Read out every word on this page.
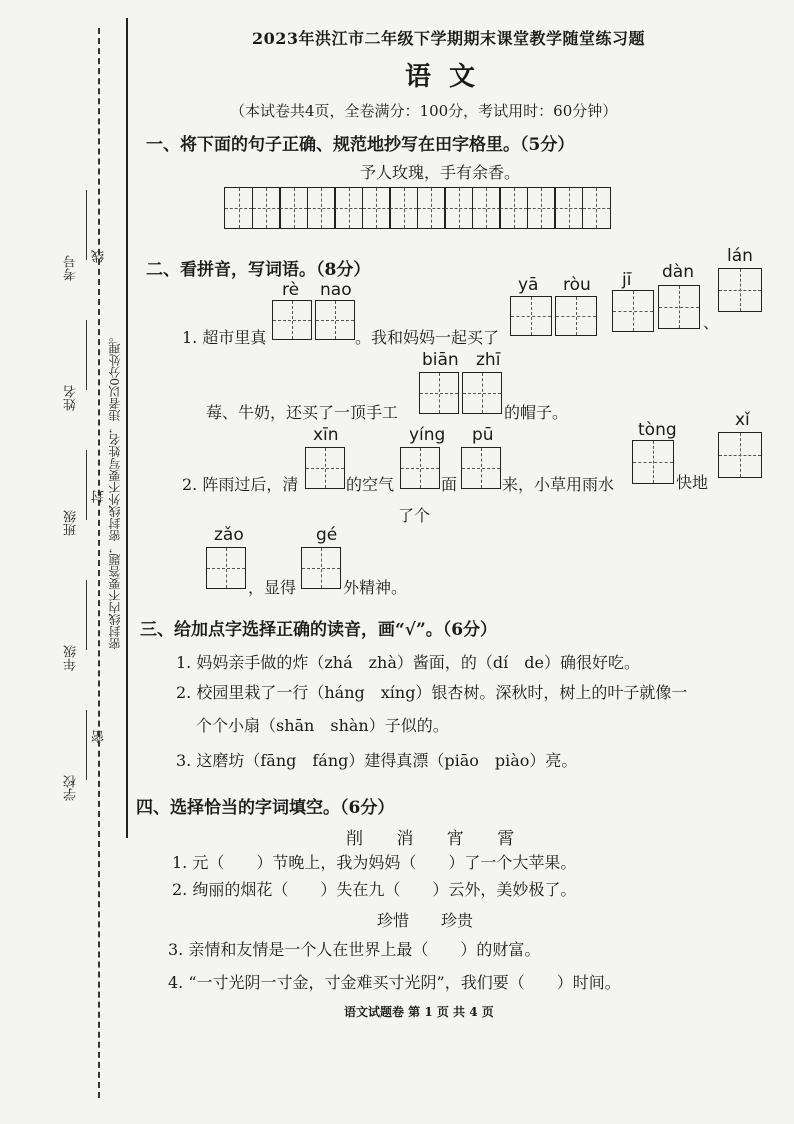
考号 线
姓名
班级
封
年级
学校
密
密封线内不要答题，密封线外不要写姓名，违者以0分处理。
2023年洪江市二年级下学期期末课堂教学随堂练习题
语文
（本试卷共4页，全卷满分：100分，考试用时：60分钟）
一、将下面的句子正确、规范地抄写在田字格里。（5分）
予人玫瑰，手有余香。
二、看拼音，写词语。（8分）
rè nao	yā ròu jī dàn
lán
1. 超市里真	。我和妈妈一起买了
、
biān zhī
莓、牛奶，还买了一顶手工	的帽子。
xīn	yíng pū	tòng	xǐ
2. 阵雨过后，清	的空气	面	来，小草用雨水	快地
了个
zǎo	gé
，显得	外精神。
三、给加点字选择正确的读音，画“√”。（6分）
1. 妈妈亲手做的炸（zhá　zhà）酱面，的（dí　de）确很好吃。
2. 校园里栽了一行（háng　xíng）银杏树。深秋时，树上的叶子就像一
个个小扇（shān　shàn）子似的。
3. 这磨坊（fāng　fáng）建得真漂（piāo　piào）亮。
四、选择恰当的字词填空。（6分）
削 消 宵 霄
1. 元（　　）节晚上，我为妈妈（　　）了一个大苹果。
2. 绚丽的烟花（　　）失在九（　　）云外，美妙极了。
珍惜　　珍贵
3. 亲情和友情是一个人在世界上最（　　）的财富。
4. “一寸光阴一寸金，寸金难买寸光阴”，我们要（　　）时间。
语文试题卷 第 1 页 共 4 页
